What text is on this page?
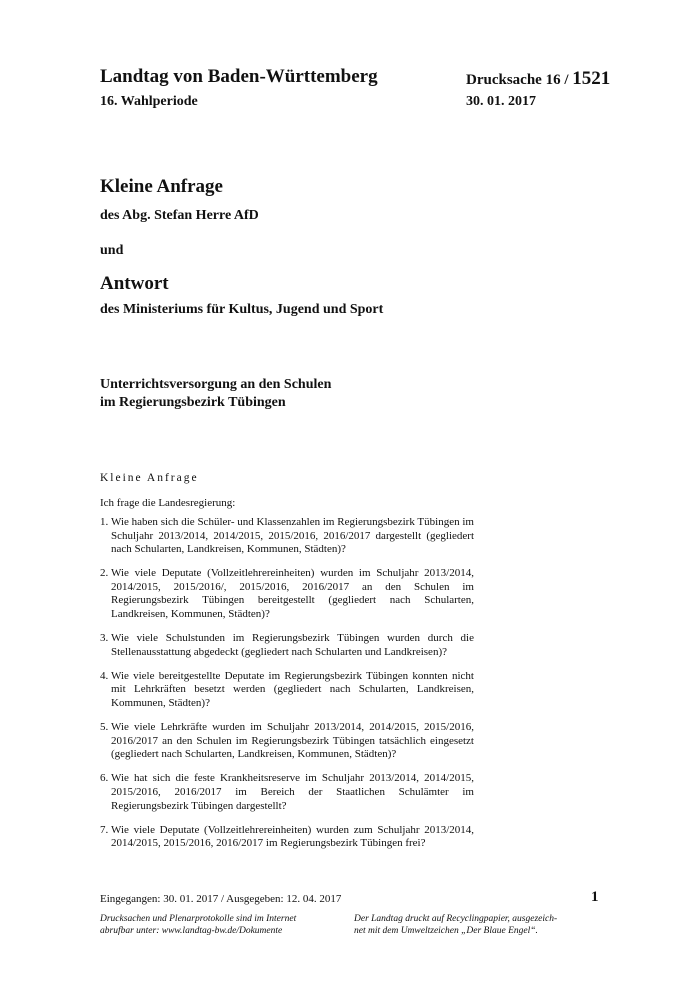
Landtag von Baden-Württemberg	Drucksache 16 / 1521
16. Wahlperiode	30. 01. 2017
Kleine Anfrage
des Abg. Stefan Herre AfD
und
Antwort
des Ministeriums für Kultus, Jugend und Sport
Unterrichtsversorgung an den Schulen
im Regierungsbezirk Tübingen
Kleine Anfrage
Ich frage die Landesregierung:
1. Wie haben sich die Schüler- und Klassenzahlen im Regierungsbezirk Tübingen im Schuljahr 2013/2014, 2014/2015, 2015/2016, 2016/2017 dargestellt (gegliedert nach Schularten, Landkreisen, Kommunen, Städten)?
2. Wie viele Deputate (Vollzeitlehrereinheiten) wurden im Schuljahr 2013/2014, 2014/2015, 2015/2016/, 2015/2016, 2016/2017 an den Schulen im Regierungsbezirk Tübingen bereitgestellt (gegliedert nach Schularten, Landkreisen, Kommunen, Städten)?
3. Wie viele Schulstunden im Regierungsbezirk Tübingen wurden durch die Stellenausstattung abgedeckt (gegliedert nach Schularten und Landkreisen)?
4. Wie viele bereitgestellte Deputate im Regierungsbezirk Tübingen konnten nicht mit Lehrkräften besetzt werden (gegliedert nach Schularten, Landkreisen, Kommunen, Städten)?
5. Wie viele Lehrkräfte wurden im Schuljahr 2013/2014, 2014/2015, 2015/2016, 2016/2017 an den Schulen im Regierungsbezirk Tübingen tatsächlich eingesetzt (gegliedert nach Schularten, Landkreisen, Kommunen, Städten)?
6. Wie hat sich die feste Krankheitsreserve im Schuljahr 2013/2014, 2014/2015, 2015/2016, 2016/2017 im Bereich der Staatlichen Schulämter im Regierungsbezirk Tübingen dargestellt?
7. Wie viele Deputate (Vollzeitlehrereinheiten) wurden zum Schuljahr 2013/2014, 2014/2015, 2015/2016, 2016/2017 im Regierungsbezirk Tübingen frei?
Eingegangen: 30. 01. 2017 / Ausgegeben: 12. 04. 2017	1
Drucksachen und Plenarprotokolle sind im Internet
abrufbar unter: www.landtag-bw.de/Dokumente
Der Landtag druckt auf Recyclingpapier, ausgezeich-
net mit dem Umweltzeichen „Der Blaue Engel“.
